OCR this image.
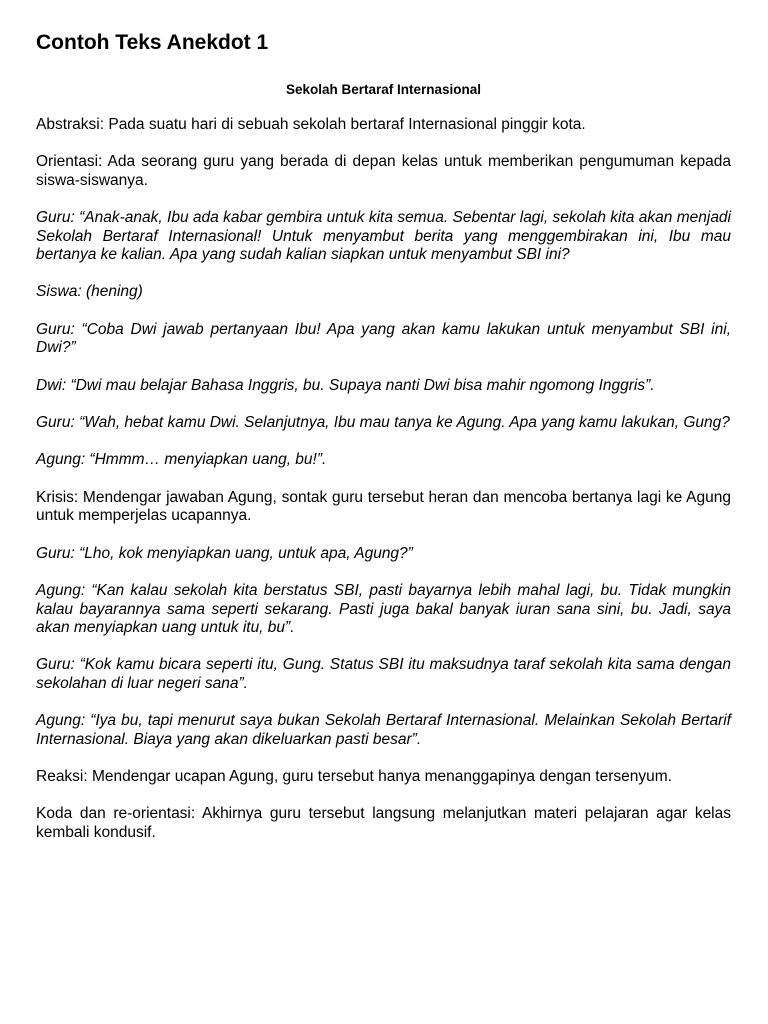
Contoh Teks Anekdot 1
Sekolah Bertaraf Internasional

Abstraksi: Pada suatu hari di sebuah sekolah bertaraf Internasional pinggir kota.

Orientasi: Ada seorang guru yang berada di depan kelas untuk memberikan pengumuman kepada siswa-siswanya.

Guru: “Anak-anak, Ibu ada kabar gembira untuk kita semua. Sebentar lagi, sekolah kita akan menjadi Sekolah Bertaraf Internasional! Untuk menyambut berita yang menggembirakan ini, Ibu mau bertanya ke kalian. Apa yang sudah kalian siapkan untuk menyambut SBI ini?

Siswa: (hening)

Guru: “Coba Dwi jawab pertanyaan Ibu! Apa yang akan kamu lakukan untuk menyambut SBI ini, Dwi?”

Dwi: “Dwi mau belajar Bahasa Inggris, bu. Supaya nanti Dwi bisa mahir ngomong Inggris”.

Guru: “Wah, hebat kamu Dwi. Selanjutnya, Ibu mau tanya ke Agung. Apa yang kamu lakukan, Gung?

Agung: “Hmmm… menyiapkan uang, bu!”.

Krisis: Mendengar jawaban Agung, sontak guru tersebut heran dan mencoba bertanya lagi ke Agung untuk memperjelas ucapannya.

Guru: “Lho, kok menyiapkan uang, untuk apa, Agung?”

Agung: “Kan kalau sekolah kita berstatus SBI, pasti bayarnya lebih mahal lagi, bu. Tidak mungkin kalau bayarannya sama seperti sekarang. Pasti juga bakal banyak iuran sana sini, bu. Jadi, saya akan menyiapkan uang untuk itu, bu”.

Guru: “Kok kamu bicara seperti itu, Gung. Status SBI itu maksudnya taraf sekolah kita sama dengan sekolahan di luar negeri sana”.

Agung: “Iya bu, tapi menurut saya bukan Sekolah Bertaraf Internasional. Melainkan Sekolah Bertarif Internasional. Biaya yang akan dikeluarkan pasti besar”.

Reaksi: Mendengar ucapan Agung, guru tersebut hanya menanggapinya dengan tersenyum.

Koda dan re-orientasi: Akhirnya guru tersebut langsung melanjutkan materi pelajaran agar kelas kembali kondusif.
